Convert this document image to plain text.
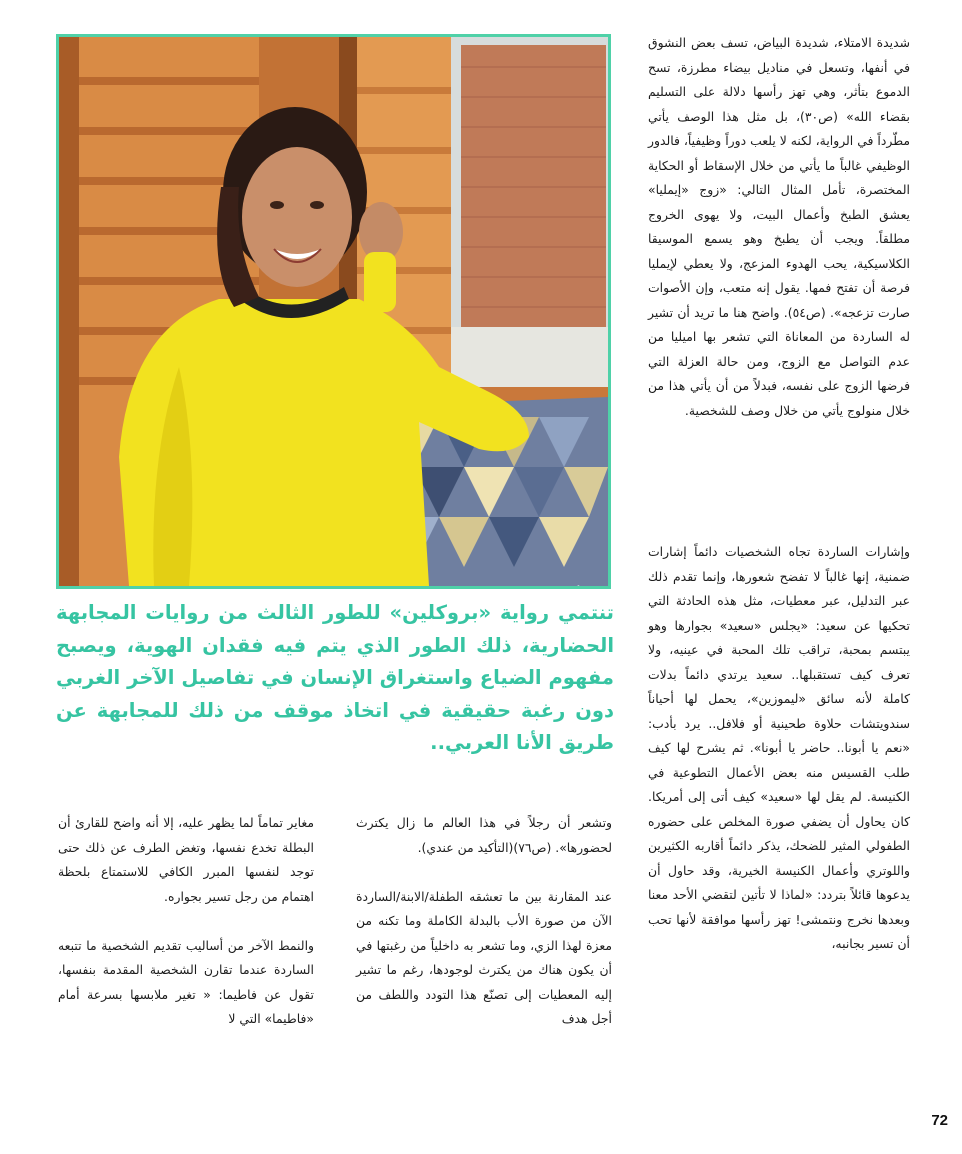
شديدة الامتلاء، شديدة البياض، تسف بعض النشوق في أنفها، وتسعل في مناديل بيضاء مطرزة، تسح الدموع بتأثر، وهي تهز رأسها دلالة على التسليم بقضاء الله» (ص٣٠)، بل مثل هذا الوصف يأتي مطّرداً في الرواية، لكنه لا يلعب دوراً وظيفياً، فالدور الوظيفي غالباً ما يأتي من خلال الإسقاط أو الحكاية المختصرة، تأمل المثال التالي: «زوج «إيمليا» يعشق الطبخ وأعمال البيت، ولا يهوى الخروج مطلقاً. ويجب أن يطبخ وهو يسمع الموسيقا الكلاسيكية، يحب الهدوء المزعج، ولا يعطي لإيمليا فرصة أن تفتح فمها. يقول إنه متعب، وإن الأصوات صارت تزعجه». (ص٥٤). واضح هنا ما تريد أن تشير له الساردة من المعاناة التي تشعر بها اميليا من عدم التواصل مع الزوج، ومن حالة العزلة التي فرضها الزوج على نفسه، فبدلاً من أن يأتي هذا من خلال منولوج يأتي من خلال وصف للشخصية.

وإشارات الساردة تجاه الشخصيات دائماً إشارات ضمنية، إنها غالباً لا تفضح شعورها، وإنما تقدم ذلك عبر التدليل، عبر معطيات، مثل هذه الحادثة التي تحكيها عن سعيد: «يجلس «سعيد» بجوارها وهو يبتسم بمحبة، تراقب تلك المحبة في عينيه، ولا تعرف كيف تستقبلها.. سعيد يرتدي دائماً بدلات كاملة لأنه سائق «ليموزين»، يحمل لها أحياناً سندويتشات حلاوة طحينية أو فلافل.. يرد بأدب: «نعم يا أبونا.. حاضر يا أبونا». ثم يشرح لها كيف طلب القسيس منه بعض الأعمال التطوعية في الكنيسة. لم يقل لها «سعيد» كيف أتى إلى أمريكا. كان يحاول أن يضفي صورة المخلص على حضوره الطفولي المثير للضحك، يذكر دائماً أقاربه الكثيرين واللوتري وأعمال الكنيسة الخيرية، وقد حاول أن يدعوها قائلاً بتردد: «لماذا لا تأتين لتقضي الأحد معنا وبعدها نخرج ونتمشى! تهز رأسها موافقة لأنها تحب أن تسير بجانبه،

تنتمي رواية «بروكلين» للطور الثالث من روايات المجابهة الحضارية، ذلك الطور الذي يتم فيه فقدان الهوية، ويصبح مفهوم الضياع واستغراق الإنسان في تفاصيل الآخر الغربي دون رغبة حقيقية في اتخاذ موقف من ذلك للمجابهة عن طريق الأنا العربي..

وتشعر أن رجلاً في هذا العالم ما زال يكترث لحضورها». (ص٧٦)(التأكيد من عندي).

عند المقارنة بين ما تعشقه الطفلة/الابنة/الساردة الآن من صورة الأب بالبدلة الكاملة وما تكنه من معزة لهذا الزي، وما تشعر به داخلياً من رغبتها في أن يكون هناك من يكترث لوجودها، رغم ما تشير إليه المعطيات إلى تصنّع هذا التودد واللطف من أجل هدف

مغاير تماماً لما يظهر عليه، إلا أنه واضح للقارئ أن البطلة تخدع نفسها، وتغض الطرف عن ذلك حتى توجد لنفسها المبرر الكافي للاستمتاع بلحظة اهتمام من رجل تسير بجواره.

والنمط الآخر من أساليب تقديم الشخصية ما تتبعه الساردة عندما تقارن الشخصية المقدمة بنفسها، تقول عن فاطيما: « تغير ملابسها بسرعة أمام «فاطيما» التي لا

72
